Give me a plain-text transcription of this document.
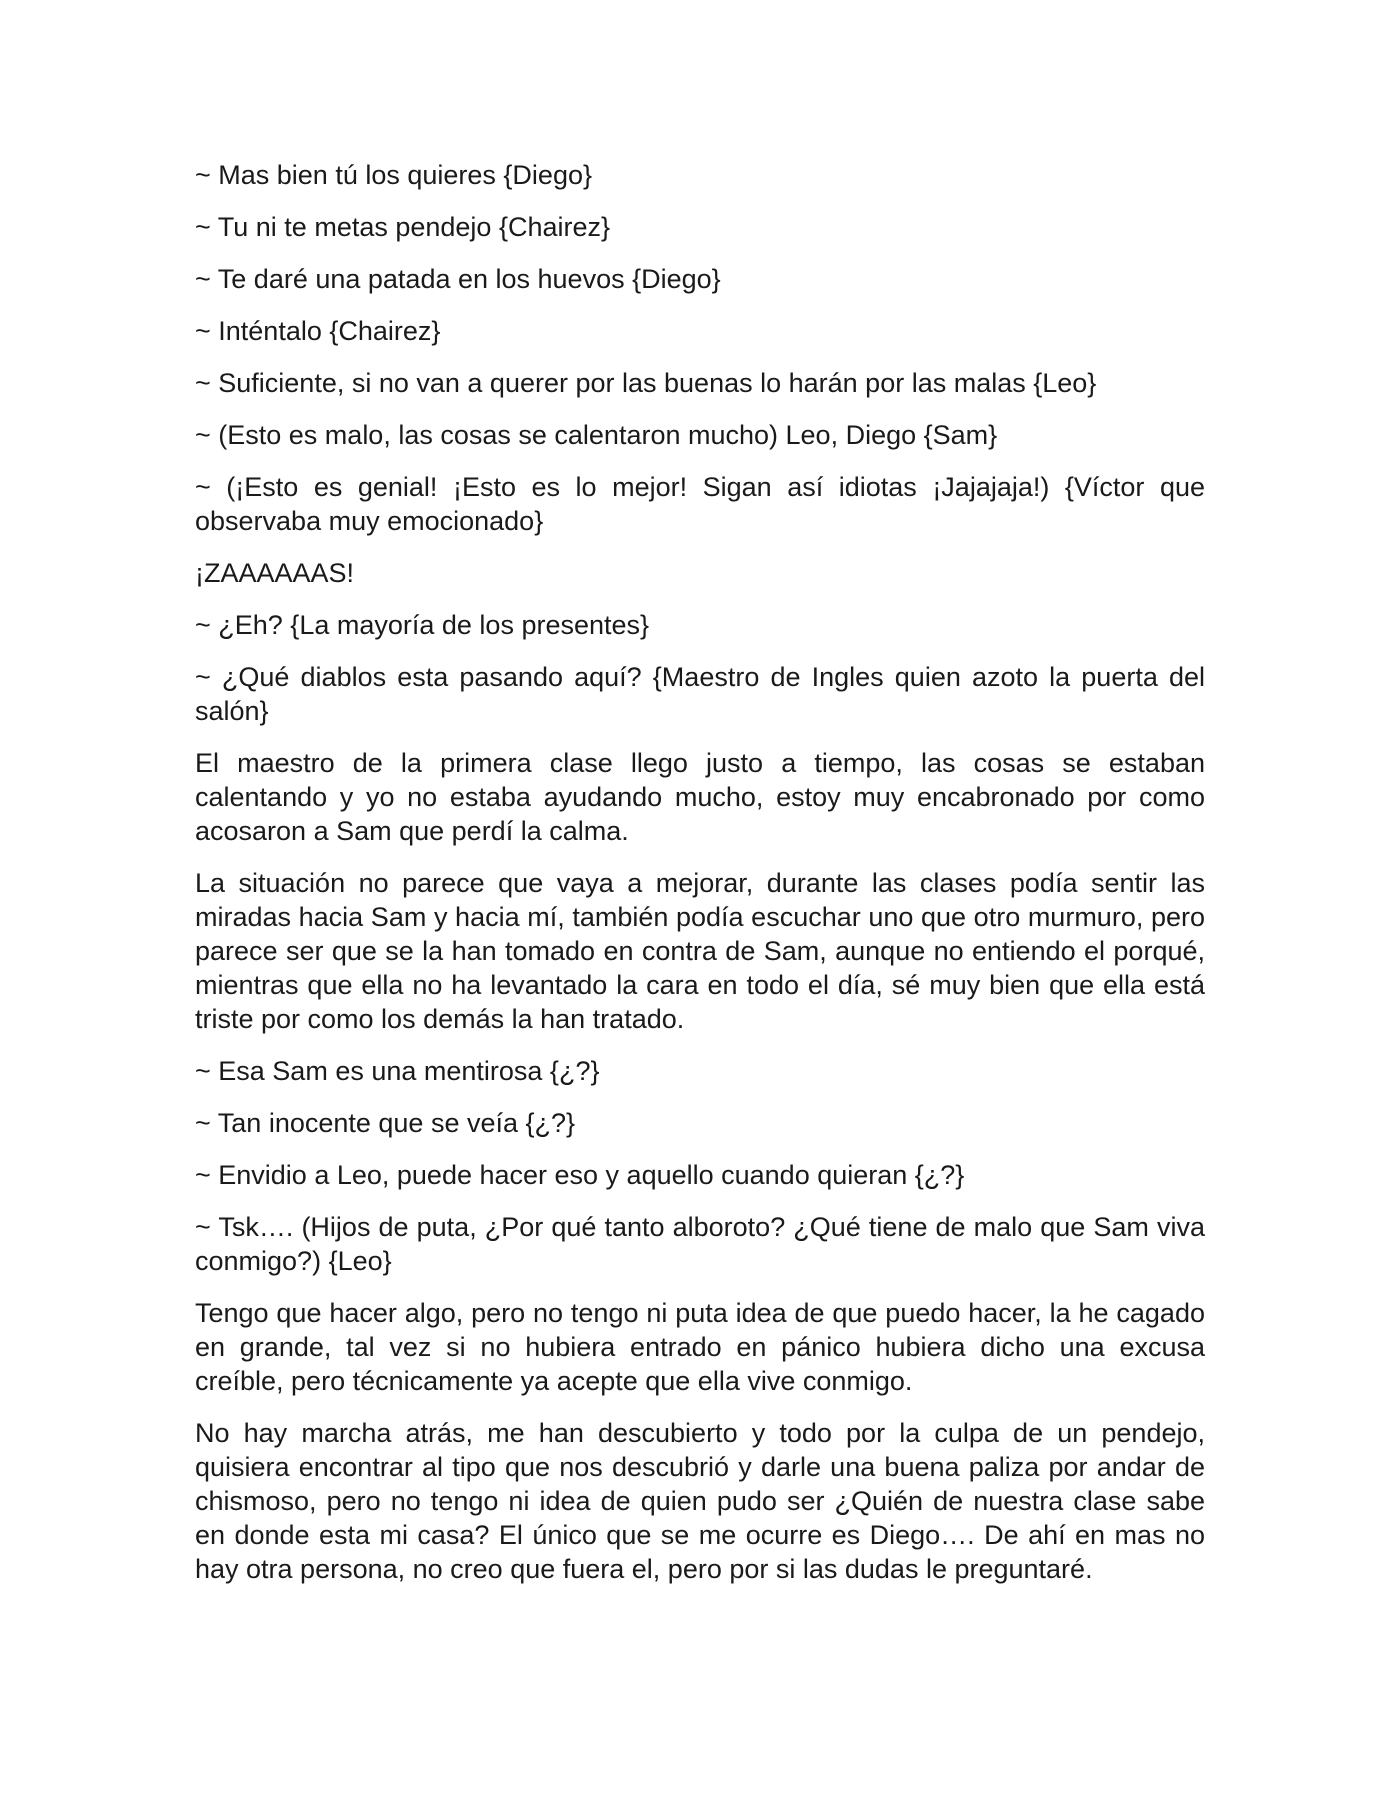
~ Mas bien tú los quieres {Diego}

~ Tu ni te metas pendejo {Chairez}

~ Te daré una patada en los huevos {Diego}

~ Inténtalo {Chairez}

~ Suficiente, si no van a querer por las buenas lo harán por las malas {Leo}

~ (Esto es malo, las cosas se calentaron mucho) Leo, Diego {Sam}

~ (¡Esto es genial! ¡Esto es lo mejor! Sigan así idiotas ¡Jajajaja!) {Víctor que observaba muy emocionado}

¡ZAAAAAAS!

~ ¿Eh? {La mayoría de los presentes}

~ ¿Qué diablos esta pasando aquí? {Maestro de Ingles quien azoto la puerta del salón}

El maestro de la primera clase llego justo a tiempo, las cosas se estaban calentando y yo no estaba ayudando mucho, estoy muy encabronado por como acosaron a Sam que perdí la calma.

La situación no parece que vaya a mejorar, durante las clases podía sentir las miradas hacia Sam y hacia mí, también podía escuchar uno que otro murmuro, pero parece ser que se la han tomado en contra de Sam, aunque no entiendo el porqué, mientras que ella no ha levantado la cara en todo el día, sé muy bien que ella está triste por como los demás la han tratado.

~ Esa Sam es una mentirosa {¿?}

~ Tan inocente que se veía {¿?}

~ Envidio a Leo, puede hacer eso y aquello cuando quieran {¿?}

~ Tsk…. (Hijos de puta, ¿Por qué tanto alboroto? ¿Qué tiene de malo que Sam viva conmigo?) {Leo}

Tengo que hacer algo, pero no tengo ni puta idea de que puedo hacer, la he cagado en grande, tal vez si no hubiera entrado en pánico hubiera dicho una excusa creíble, pero técnicamente ya acepte que ella vive conmigo.

No hay marcha atrás, me han descubierto y todo por la culpa de un pendejo, quisiera encontrar al tipo que nos descubrió y darle una buena paliza por andar de chismoso, pero no tengo ni idea de quien pudo ser ¿Quién de nuestra clase sabe en donde esta mi casa? El único que se me ocurre es Diego…. De ahí en mas no hay otra persona, no creo que fuera el, pero por si las dudas le preguntaré.
